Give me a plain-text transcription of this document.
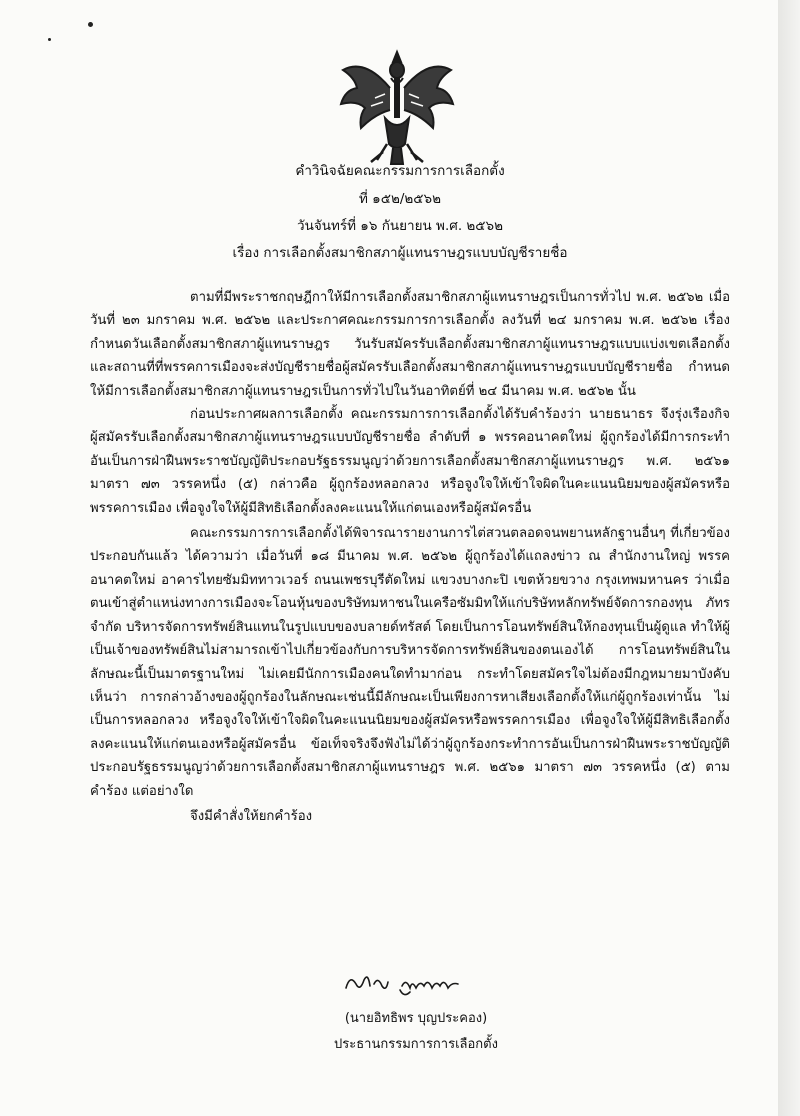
คำวินิจฉัยคณะกรรมการการเลือกตั้ง
ที่ ๑๕๒/๒๕๖๒
วันจันทร์ที่ ๑๖ กันยายน พ.ศ. ๒๕๖๒
เรื่อง การเลือกตั้งสมาชิกสภาผู้แทนราษฎรแบบบัญชีรายชื่อ

ตามที่มีพระราชกฤษฎีกาให้มีการเลือกตั้งสมาชิกสภาผู้แทนราษฎรเป็นการทั่วไป พ.ศ. ๒๕๖๒ เมื่อวันที่ ๒๓ มกราคม พ.ศ. ๒๕๖๒ และประกาศคณะกรรมการการเลือกตั้ง ลงวันที่ ๒๔ มกราคม พ.ศ. ๒๕๖๒ เรื่อง กำหนดวันเลือกตั้งสมาชิกสภาผู้แทนราษฎร วันรับสมัครรับเลือกตั้งสมาชิกสภาผู้แทนราษฎรแบบแบ่งเขตเลือกตั้ง และสถานที่ที่พรรคการเมืองจะส่งบัญชีรายชื่อผู้สมัครรับเลือกตั้งสมาชิกสภาผู้แทนราษฎรแบบบัญชีรายชื่อ กำหนดให้มีการเลือกตั้งสมาชิกสภาผู้แทนราษฎรเป็นการทั่วไปในวันอาทิตย์ที่ ๒๔ มีนาคม พ.ศ. ๒๕๖๒ นั้น

ก่อนประกาศผลการเลือกตั้ง คณะกรรมการการเลือกตั้งได้รับคำร้องว่า นายธนาธร จึงรุ่งเรืองกิจ ผู้สมัครรับเลือกตั้งสมาชิกสภาผู้แทนราษฎรแบบบัญชีรายชื่อ ลำดับที่ ๑ พรรคอนาคตใหม่ ผู้ถูกร้องได้มีการกระทำอันเป็นการฝ่าฝืนพระราชบัญญัติประกอบรัฐธรรมนูญว่าด้วยการเลือกตั้งสมาชิกสภาผู้แทนราษฎร พ.ศ. ๒๕๖๑ มาตรา ๗๓ วรรคหนึ่ง (๕) กล่าวคือ ผู้ถูกร้องหลอกลวง หรือจูงใจให้เข้าใจผิดในคะแนนนิยมของผู้สมัครหรือพรรคการเมือง เพื่อจูงใจให้ผู้มีสิทธิเลือกตั้งลงคะแนนให้แก่ตนเองหรือผู้สมัครอื่น

คณะกรรมการการเลือกตั้งได้พิจารณารายงานการไต่สวนตลอดจนพยานหลักฐานอื่นๆ ที่เกี่ยวข้องประกอบกันแล้ว ได้ความว่า เมื่อวันที่ ๑๘ มีนาคม พ.ศ. ๒๕๖๒ ผู้ถูกร้องได้แถลงข่าว ณ สำนักงานใหญ่ พรรคอนาคตใหม่ อาคารไทยซัมมิททาวเวอร์ ถนนเพชรบุรีตัดใหม่ แขวงบางกะปิ เขตห้วยขวาง กรุงเทพมหานคร ว่าเมื่อตนเข้าสู่ตำแหน่งทางการเมืองจะโอนหุ้นของบริษัทมหาชนในเครือซัมมิทให้แก่บริษัทหลักทรัพย์จัดการกองทุน ภัทร จำกัด บริหารจัดการทรัพย์สินแทนในรูปแบบของบลายด์ทรัสต์ โดยเป็นการโอนทรัพย์สินให้กองทุนเป็นผู้ดูแล ทำให้ผู้เป็นเจ้าของทรัพย์สินไม่สามารถเข้าไปเกี่ยวข้องกับการบริหารจัดการทรัพย์สินของตนเองได้ การโอนทรัพย์สินในลักษณะนี้เป็นมาตรฐานใหม่ ไม่เคยมีนักการเมืองคนใดทำมาก่อน กระทำโดยสมัครใจไม่ต้องมีกฎหมายมาบังคับ เห็นว่า การกล่าวอ้างของผู้ถูกร้องในลักษณะเช่นนี้มีลักษณะเป็นเพียงการหาเสียงเลือกตั้งให้แก่ผู้ถูกร้องเท่านั้น ไม่เป็นการหลอกลวง หรือจูงใจให้เข้าใจผิดในคะแนนนิยมของผู้สมัครหรือพรรคการเมือง เพื่อจูงใจให้ผู้มีสิทธิเลือกตั้งลงคะแนนให้แก่ตนเองหรือผู้สมัครอื่น ข้อเท็จจริงจึงฟังไม่ได้ว่าผู้ถูกร้องกระทำการอันเป็นการฝ่าฝืนพระราชบัญญัติประกอบรัฐธรรมนูญว่าด้วยการเลือกตั้งสมาชิกสภาผู้แทนราษฎร พ.ศ. ๒๕๖๑ มาตรา ๗๓ วรรคหนึ่ง (๕) ตามคำร้อง แต่อย่างใด

จึงมีคำสั่งให้ยกคำร้อง

(นายอิทธิพร บุญประคอง)
ประธานกรรมการการเลือกตั้ง
